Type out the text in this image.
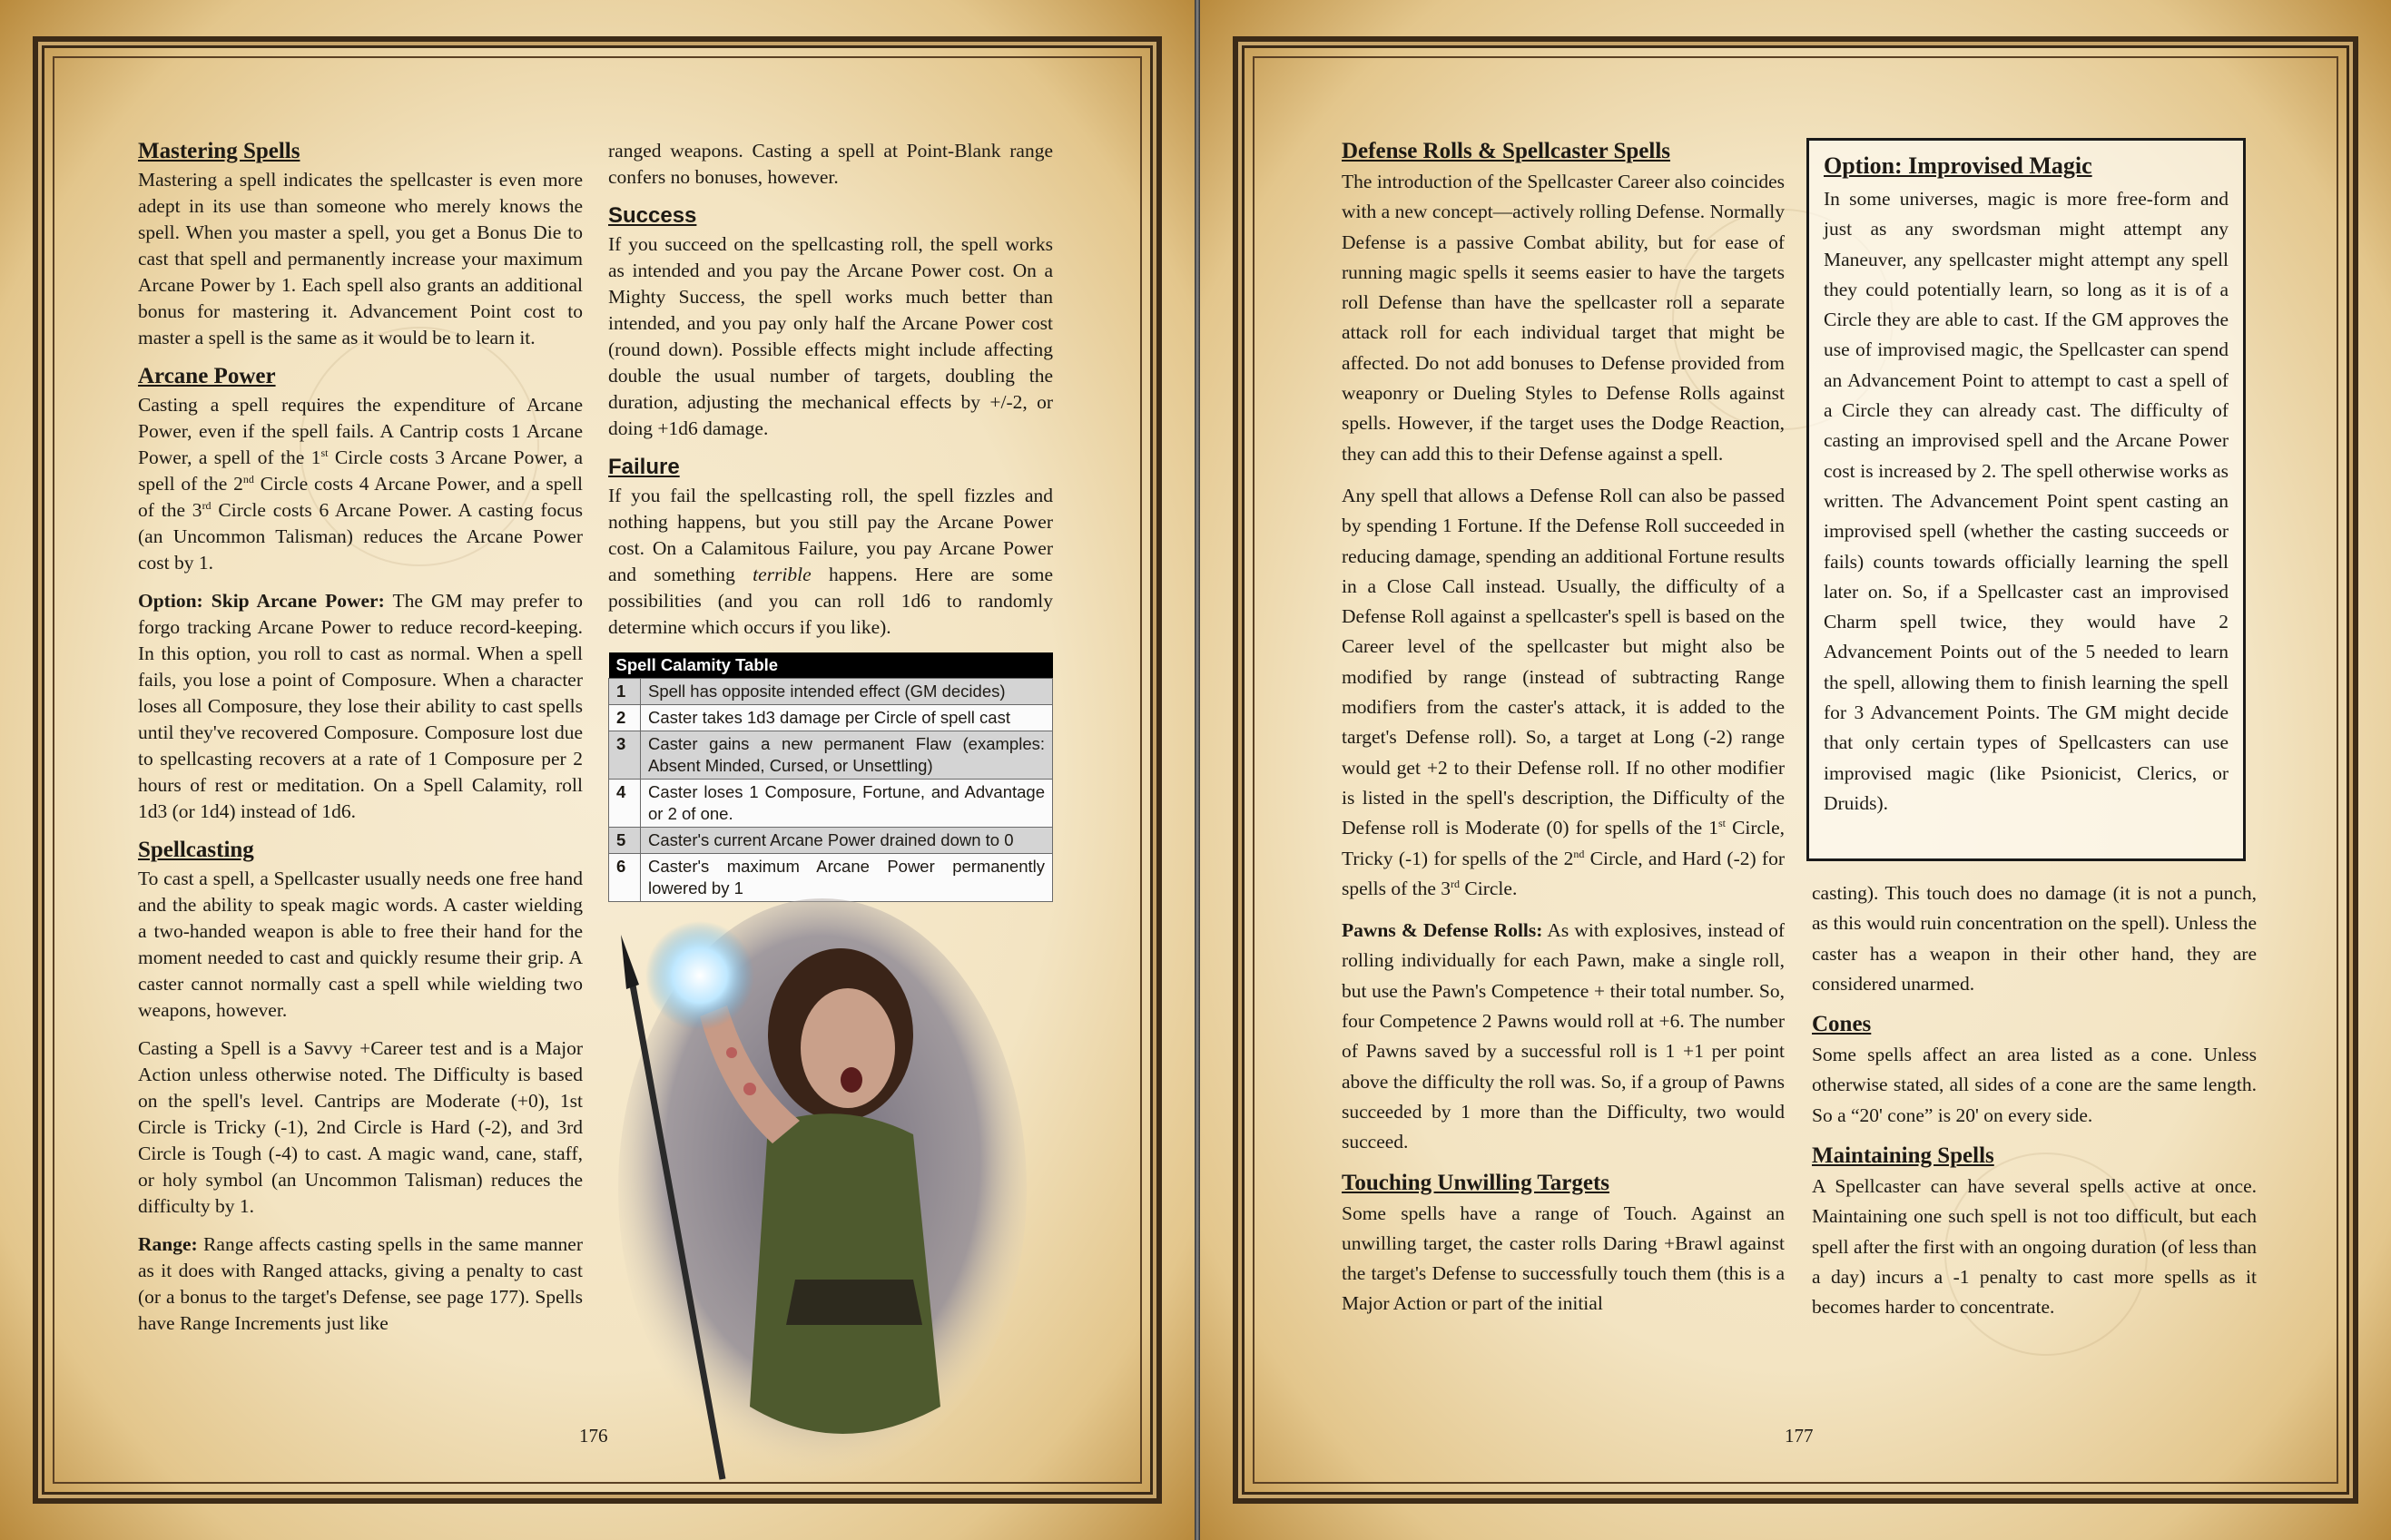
Mastering Spells

Mastering a spell indicates the spellcaster is even more adept in its use than someone who merely knows the spell. When you master a spell, you get a Bonus Die to cast that spell and permanently increase your maximum Arcane Power by 1. Each spell also grants an additional bonus for mastering it. Advancement Point cost to master a spell is the same as it would be to learn it.

Arcane Power

Casting a spell requires the expenditure of Arcane Power, even if the spell fails. A Cantrip costs 1 Arcane Power, a spell of the 1st Circle costs 3 Arcane Power, a spell of the 2nd Circle costs 4 Arcane Power, and a spell of the 3rd Circle costs 6 Arcane Power. A casting focus (an Uncommon Talisman) reduces the Arcane Power cost by 1.

Option: Skip Arcane Power: The GM may prefer to forgo tracking Arcane Power to reduce record-keeping. In this option, you roll to cast as normal. When a spell fails, you lose a point of Composure. When a character loses all Composure, they lose their ability to cast spells until they've recovered Composure. Composure lost due to spellcasting recovers at a rate of 1 Composure per 2 hours of rest or meditation. On a Spell Calamity, roll 1d3 (or 1d4) instead of 1d6.

Spellcasting

To cast a spell, a Spellcaster usually needs one free hand and the ability to speak magic words. A caster wielding a two-handed weapon is able to free their hand for the moment needed to cast and quickly resume their grip. A caster cannot normally cast a spell while wielding two weapons, however.

Casting a Spell is a Savvy +Career test and is a Major Action unless otherwise noted. The Difficulty is based on the spell's level. Cantrips are Moderate (+0), 1st Circle is Tricky (-1), 2nd Circle is Hard (-2), and 3rd Circle is Tough (-4) to cast. A magic wand, cane, staff, or holy symbol (an Uncommon Talisman) reduces the difficulty by 1.

Range: Range affects casting spells in the same manner as it does with Ranged attacks, giving a penalty to cast (or a bonus to the target's Defense, see page 177). Spells have Range Increments just like

ranged weapons. Casting a spell at Point-Blank range confers no bonuses, however.

Success

If you succeed on the spellcasting roll, the spell works as intended and you pay the Arcane Power cost. On a Mighty Success, the spell works much better than intended, and you pay only half the Arcane Power cost (round down). Possible effects might include affecting double the usual number of targets, doubling the duration, adjusting the mechanical effects by +/-2, or doing +1d6 damage.

Failure

If you fail the spellcasting roll, the spell fizzles and nothing happens, but you still pay the Arcane Power cost. On a Calamitous Failure, you pay Arcane Power and something terrible happens. Here are some possibilities (and you can roll 1d6 to randomly determine which occurs if you like).

Spell Calamity Table	
1	Spell has opposite intended effect (GM decides)
2	Caster takes 1d3 damage per Circle of spell cast
3	Caster gains a new permanent Flaw (examples: Absent Minded, Cursed, or Unsettling)
4	Caster loses 1 Composure, Fortune, and Advantage or 2 of one.
5	Caster's current Arcane Power drained down to 0
6	Caster's maximum Arcane Power permanently lowered by 1
176
Defense Rolls & Spellcaster Spells

The introduction of the Spellcaster Career also coincides with a new concept—actively rolling Defense. Normally Defense is a passive Combat ability, but for ease of running magic spells it seems easier to have the targets roll Defense than have the spellcaster roll a separate attack roll for each individual target that might be affected. Do not add bonuses to Defense provided from weaponry or Dueling Styles to Defense Rolls against spells. However, if the target uses the Dodge Reaction, they can add this to their Defense against a spell.

Any spell that allows a Defense Roll can also be passed by spending 1 Fortune. If the Defense Roll succeeded in reducing damage, spending an additional Fortune results in a Close Call instead. Usually, the difficulty of a Defense Roll against a spellcaster's spell is based on the Career level of the spellcaster but might also be modified by range (instead of subtracting Range modifiers from the caster's attack, it is added to the target's Defense roll). So, a target at Long (-2) range would get +2 to their Defense roll. If no other modifier is listed in the spell's description, the Difficulty of the Defense roll is Moderate (0) for spells of the 1st Circle, Tricky (-1) for spells of the 2nd Circle, and Hard (-2) for spells of the 3rd Circle.

Pawns & Defense Rolls: As with explosives, instead of rolling individually for each Pawn, make a single roll, but use the Pawn's Competence + their total number. So, four Competence 2 Pawns would roll at +6. The number of Pawns saved by a successful roll is 1 +1 per point above the difficulty the roll was. So, if a group of Pawns succeeded by 1 more than the Difficulty, two would succeed.

Touching Unwilling Targets

Some spells have a range of Touch. Against an unwilling target, the caster rolls Daring +Brawl against the target's Defense to successfully touch them (this is a Major Action or part of the initial

Option: Improvised Magic
In some universes, magic is more free-form and just as any swordsman might attempt any Maneuver, any spellcaster might attempt any spell they could potentially learn, so long as it is of a Circle they are able to cast. If the GM approves the use of improvised magic, the Spellcaster can spend an Advancement Point to attempt to cast a spell of a Circle they can already cast. The difficulty of casting an improvised spell and the Arcane Power cost is increased by 2. The spell otherwise works as written. The Advancement Point spent casting an improvised spell (whether the casting succeeds or fails) counts towards officially learning the spell later on. So, if a Spellcaster cast an improvised Charm spell twice, they would have 2 Advancement Points out of the 5 needed to learn the spell, allowing them to finish learning the spell for 3 Advancement Points. The GM might decide that only certain types of Spellcasters can use improvised magic (like Psionicist, Clerics, or Druids).

casting). This touch does no damage (it is not a punch, as this would ruin concentration on the spell). Unless the caster has a weapon in their other hand, they are considered unarmed.

Cones

Some spells affect an area listed as a cone. Unless otherwise stated, all sides of a cone are the same length. So a “20' cone” is 20' on every side.

Maintaining Spells

A Spellcaster can have several spells active at once. Maintaining one such spell is not too difficult, but each spell after the first with an ongoing duration (of less than a day) incurs a -1 penalty to cast more spells as it becomes harder to concentrate.

177
